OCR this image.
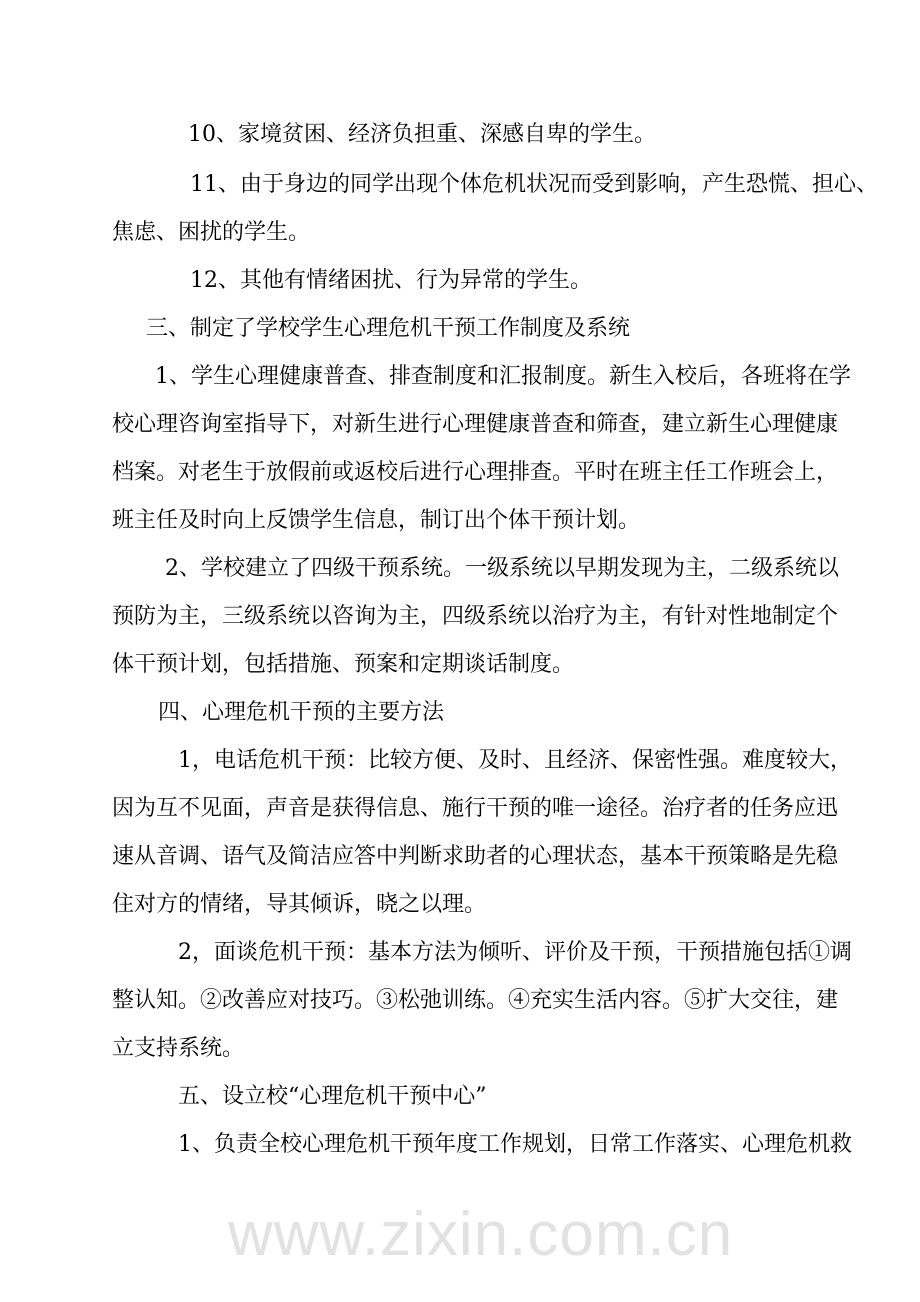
www.zixin.com.cn
10、家境贫困、经济负担重、深感自卑的学生。
11、由于身边的同学出现个体危机状况而受到影响，产生恐慌、担心、
焦虑、困扰的学生。
12、其他有情绪困扰、行为异常的学生。
三、制定了学校学生心理危机干预工作制度及系统
1、学生心理健康普查、排查制度和汇报制度。新生入校后，各班将在学
校心理咨询室指导下，对新生进行心理健康普查和筛查，建立新生心理健康
档案。对老生于放假前或返校后进行心理排查。平时在班主任工作班会上，
班主任及时向上反馈学生信息，制订出个体干预计划。
2、学校建立了四级干预系统。一级系统以早期发现为主，二级系统以
预防为主，三级系统以咨询为主，四级系统以治疗为主，有针对性地制定个
体干预计划，包括措施、预案和定期谈话制度。
四、心理危机干预的主要方法
1，电话危机干预：比较方便、及时、且经济、保密性强。难度较大，
因为互不见面，声音是获得信息、施行干预的唯一途径。治疗者的任务应迅
速从音调、语气及简洁应答中判断求助者的心理状态，基本干预策略是先稳
住对方的情绪，导其倾诉，晓之以理。
2，面谈危机干预：基本方法为倾听、评价及干预，干预措施包括①调
整认知。②改善应对技巧。③松弛训练。④充实生活内容。⑤扩大交往，建
立支持系统。
五、设立校“心理危机干预中心”
1、负责全校心理危机干预年度工作规划，日常工作落实、心理危机救
